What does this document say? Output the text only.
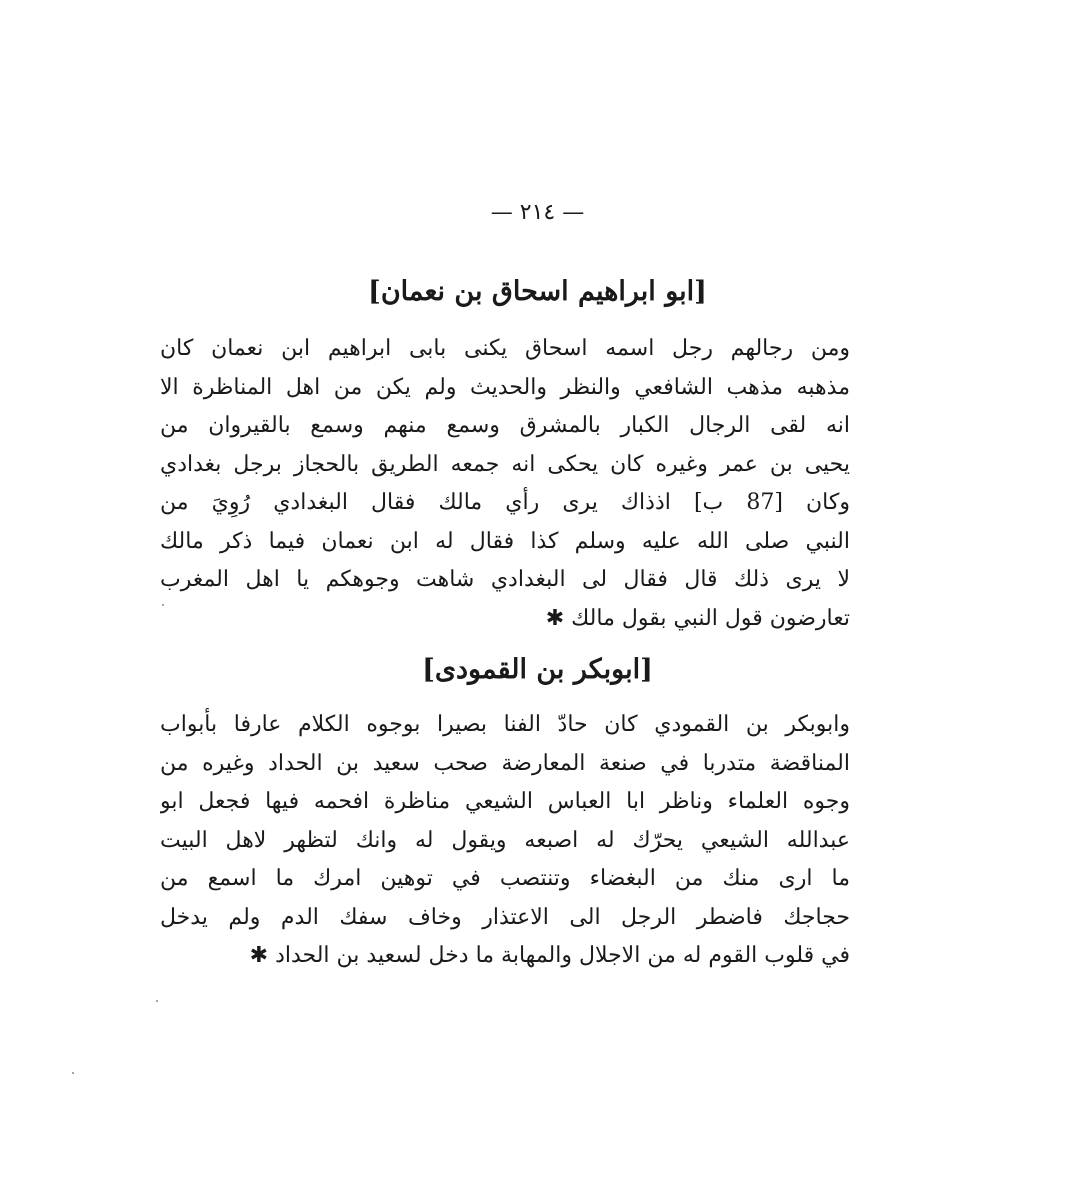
— ٢١٤ —
[ابو ابراهيم اسحاق بن نعمان]
ومن رجالهم رجل اسمه اسحاق يكنى بابى ابراهيم ابن نعمان كان
مذهبه مذهب الشافعي والنظر والحديث ولم يكن من اهل المناظرة الا
انه لقى الرجال الكبار بالمشرق وسمع منهم وسمع بالقيروان من
يحيى بن عمر وغيره كان يحكى انه جمعه الطريق بالحجاز برجل بغدادي
وكان [87 ب] اذذاك يرى رأي مالك فقال البغدادي رُوِيَ من
النبي صلى الله عليه وسلم كذا فقال له ابن نعمان فيما ذكر مالك
لا يرى ذلك قال فقال لى البغدادي شاهت وجوهكم يا اهل المغرب
تعارضون قول النبي بقول مالك ✱
[ابوبكر بن القمودى]
وابوبكر بن القمودي كان حادّ الفنا بصيرا بوجوه الكلام عارفا بأبواب
المناقضة متدربا في صنعة المعارضة صحب سعيد بن الحداد وغيره من
وجوه العلماء وناظر ابا العباس الشيعي مناظرة افحمه فيها فجعل ابو
عبدالله الشيعي يحرّك له اصبعه ويقول له وانك لتظهر لاهل البيت
ما ارى منك من البغضاء وتنتصب في توهين امرك ما اسمع من
حجاجك فاضطر الرجل الى الاعتذار وخاف سفك الدم ولم يدخل
في قلوب القوم له من الاجلال والمهابة ما دخل لسعيد بن الحداد ✱
